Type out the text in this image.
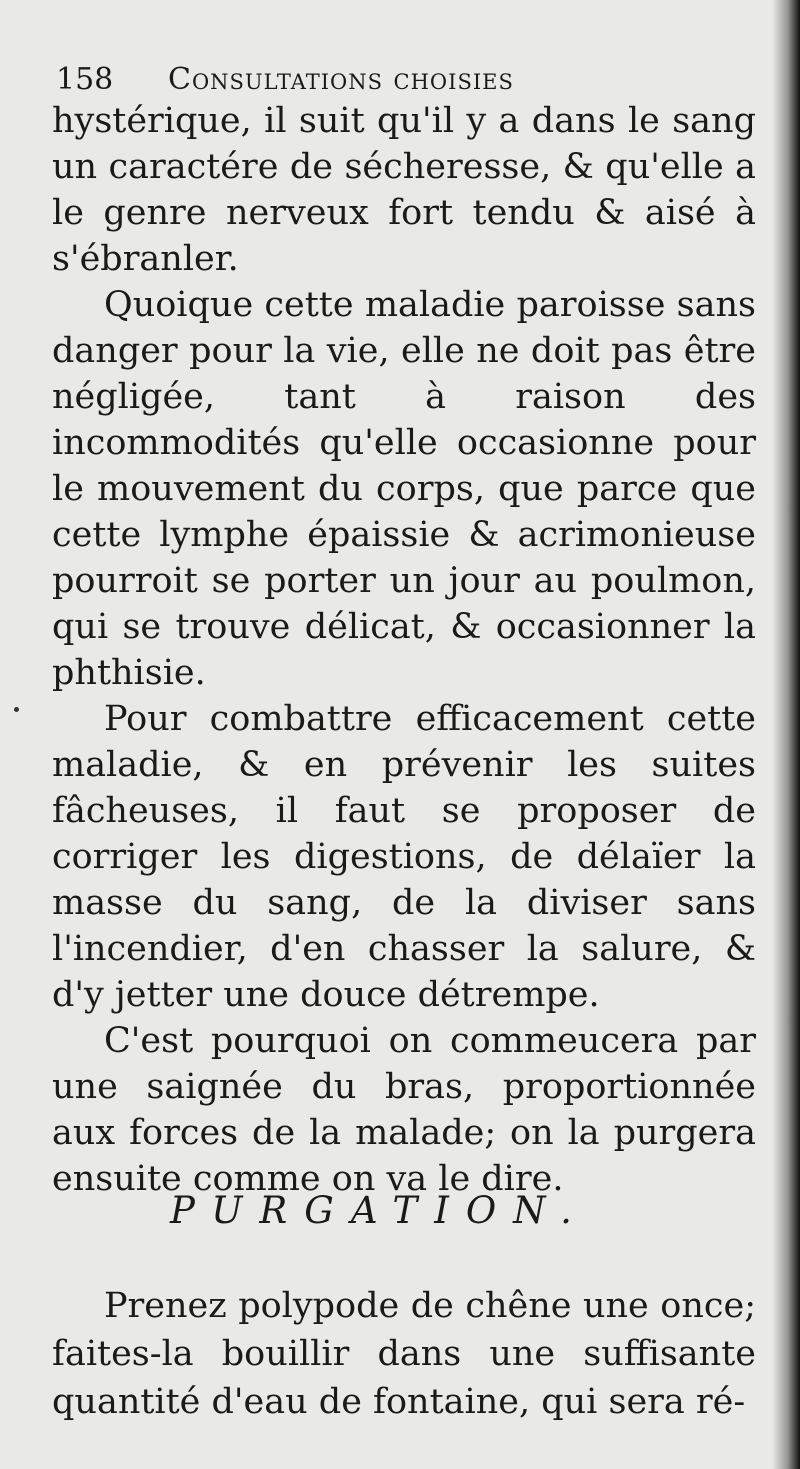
158 Consultations choisies

hystérique, il suit qu'il y a dans le sang un caractére de sécheresse, & qu'elle a le genre nerveux fort tendu & aisé à s'ébranler.

Quoique cette maladie paroisse sans danger pour la vie, elle ne doit pas être négligée, tant à raison des incommodités qu'elle occasionne pour le mouvement du corps, que parce que cette lymphe épaissie & acrimonieuse pourroit se porter un jour au poulmon, qui se trouve délicat, & occasionner la phthisie.

Pour combattre efficacement cette maladie, & en prévenir les suites fâcheuses, il faut se proposer de corriger les digestions, de délaïer la masse du sang, de la diviser sans l'incendier, d'en chasser la salure, & d'y jetter une douce détrempe.

C'est pourquoi on commeucera par une saignée du bras, proportionnée aux forces de la malade; on la purgera ensuite comme on va le dire.

PURGATION.

Prenez polypode de chêne une once; faites-la bouillir dans une suffisante quantité d'eau de fontaine, qui sera ré-
